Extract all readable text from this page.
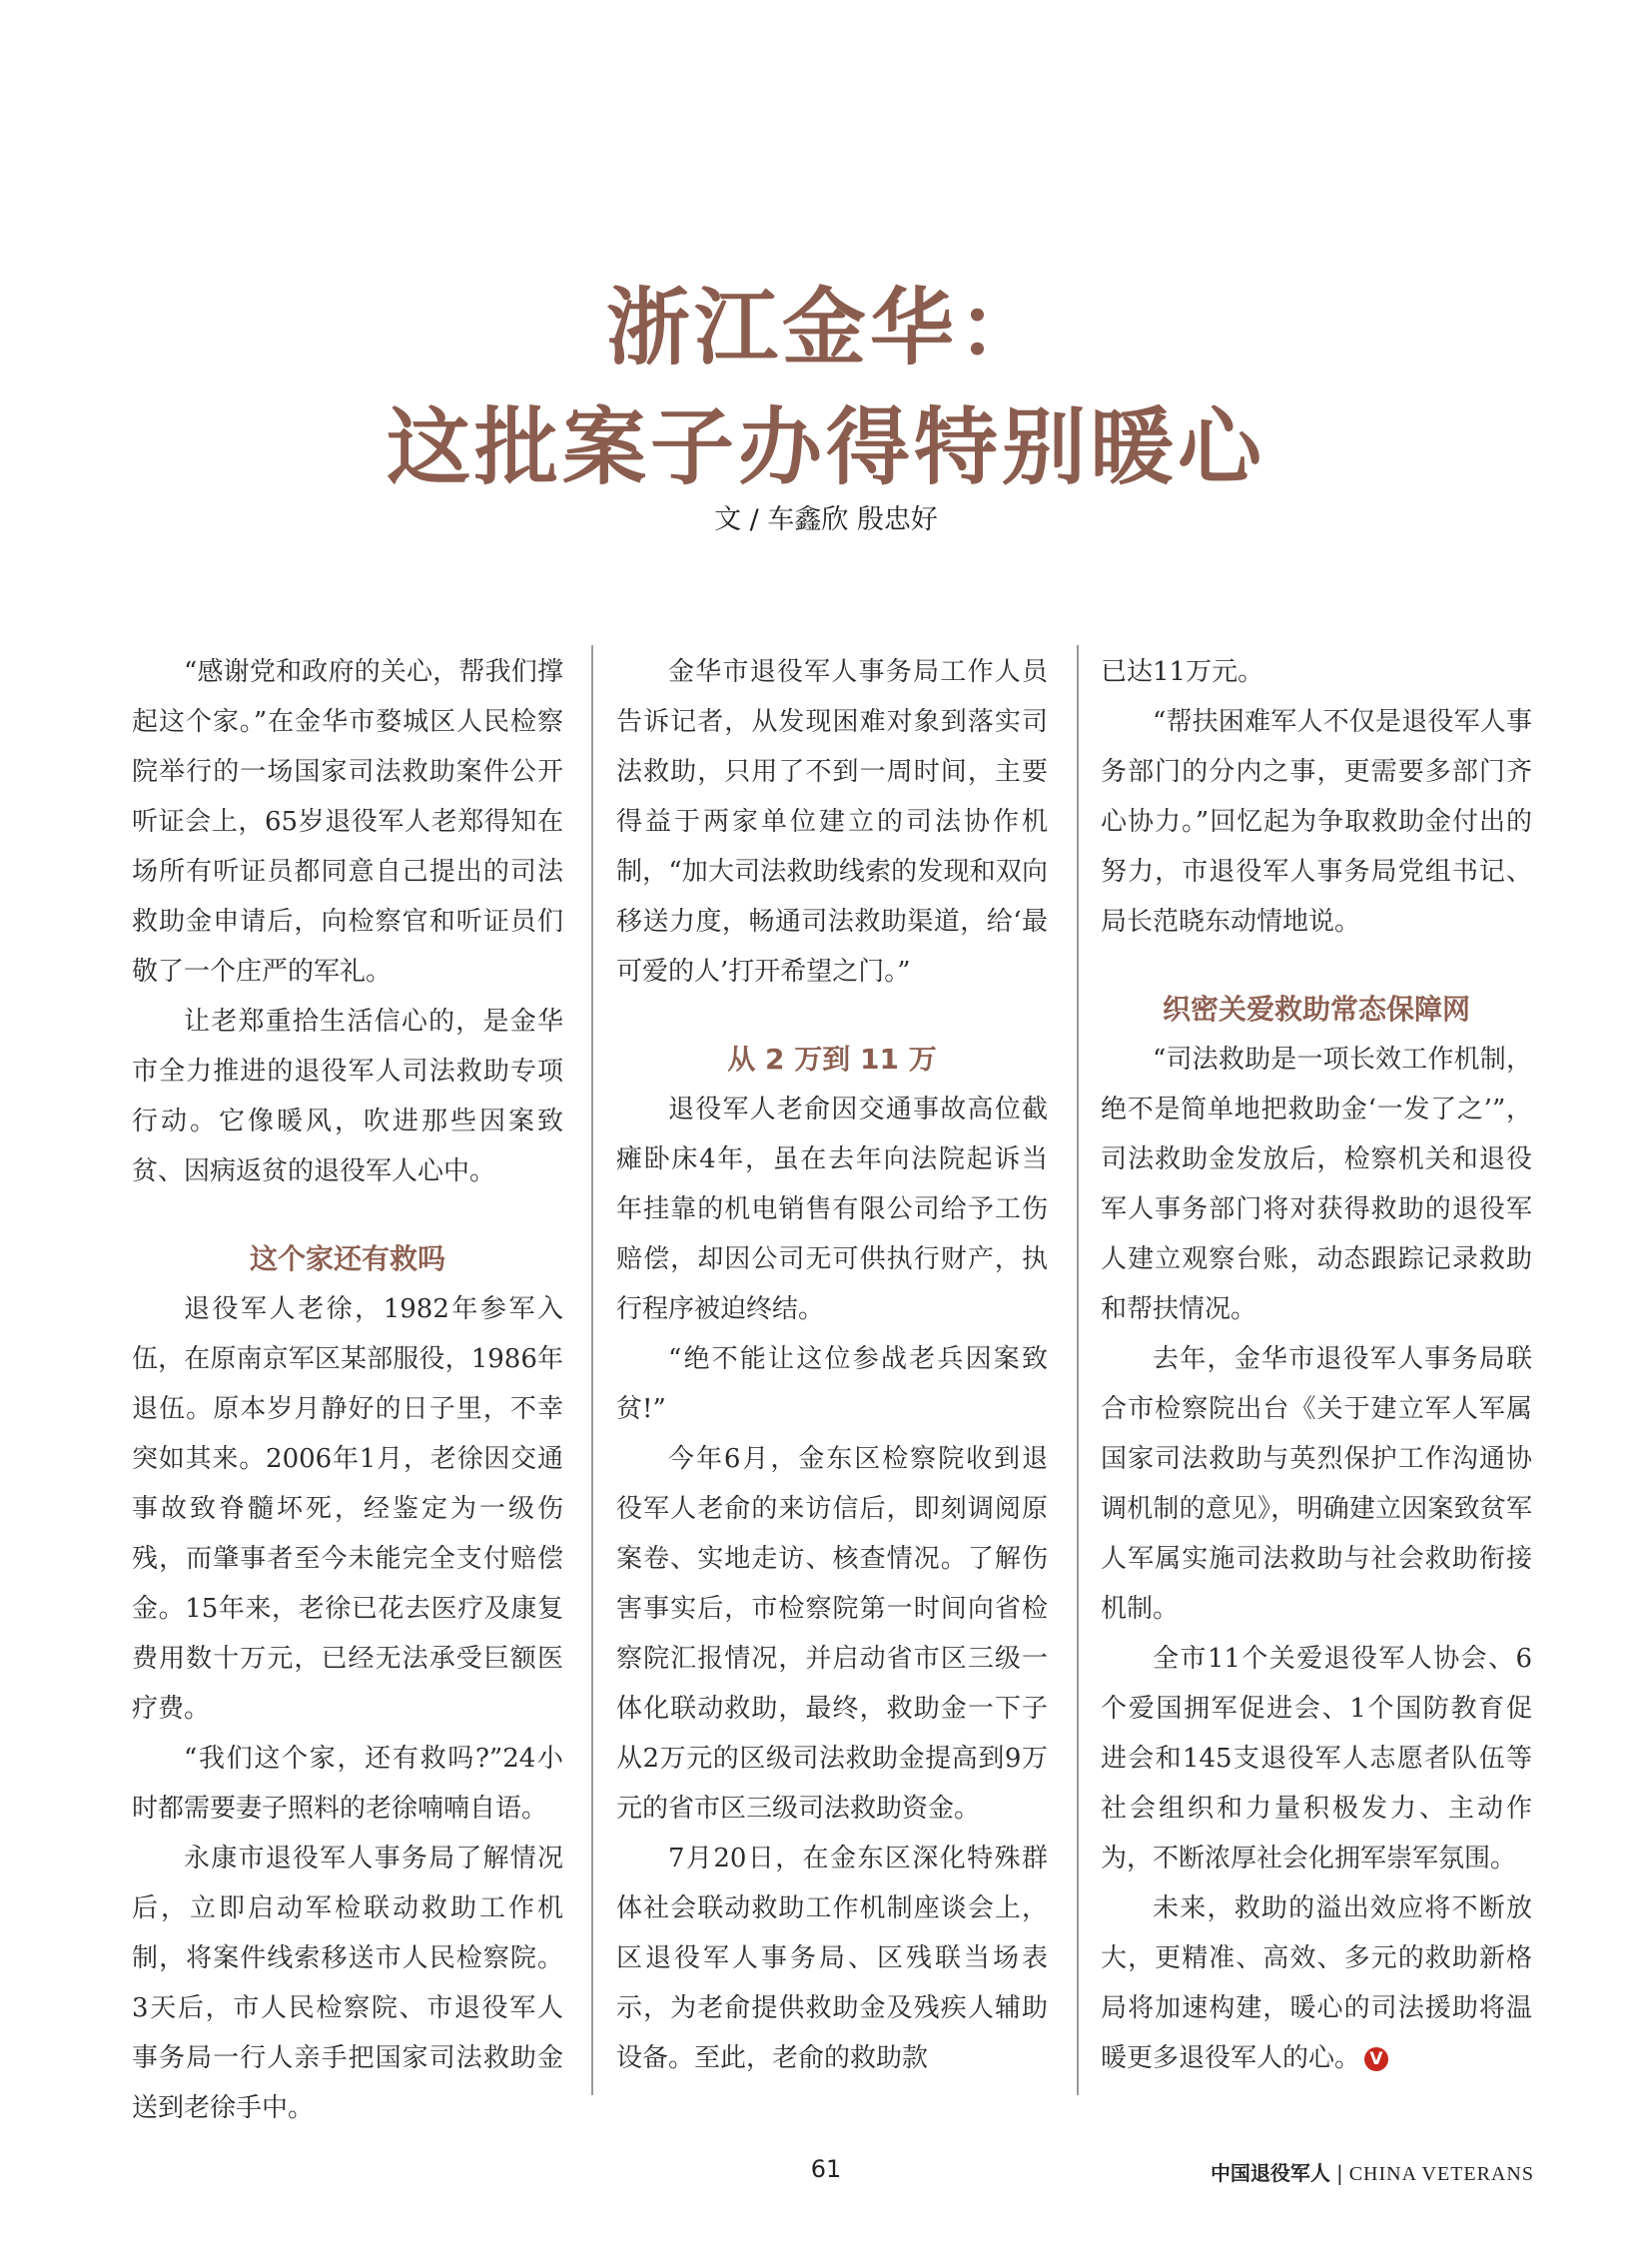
浙江金华：
这批案子办得特别暖心
文 / 车鑫欣 殷忠好

“感谢党和政府的关心，帮我们撑起这个家。”在金华市婺城区人民检察院举行的一场国家司法救助案件公开听证会上，65岁退役军人老郑得知在场所有听证员都同意自己提出的司法救助金申请后，向检察官和听证员们敬了一个庄严的军礼。

让老郑重拾生活信心的，是金华市全力推进的退役军人司法救助专项行动。它像暖风，吹进那些因案致贫、因病返贫的退役军人心中。

这个家还有救吗

退役军人老徐，1982年参军入伍，在原南京军区某部服役，1986年退伍。原本岁月静好的日子里，不幸突如其来。2006年1月，老徐因交通事故致脊髓坏死，经鉴定为一级伤残，而肇事者至今未能完全支付赔偿金。15年来，老徐已花去医疗及康复费用数十万元，已经无法承受巨额医疗费。

“我们这个家，还有救吗?”24小时都需要妻子照料的老徐喃喃自语。

永康市退役军人事务局了解情况后，立即启动军检联动救助工作机制，将案件线索移送市人民检察院。3天后，市人民检察院、市退役军人事务局一行人亲手把国家司法救助金送到老徐手中。

金华市退役军人事务局工作人员告诉记者，从发现困难对象到落实司法救助，只用了不到一周时间，主要得益于两家单位建立的司法协作机制，“加大司法救助线索的发现和双向移送力度，畅通司法救助渠道，给‘最可爱的人’打开希望之门。”

从 2 万到 11 万

退役军人老俞因交通事故高位截瘫卧床4年，虽在去年向法院起诉当年挂靠的机电销售有限公司给予工伤赔偿，却因公司无可供执行财产，执行程序被迫终结。

“绝不能让这位参战老兵因案致贫!”

今年6月，金东区检察院收到退役军人老俞的来访信后，即刻调阅原案卷、实地走访、核查情况。了解伤害事实后，市检察院第一时间向省检察院汇报情况，并启动省市区三级一体化联动救助，最终，救助金一下子从2万元的区级司法救助金提高到9万元的省市区三级司法救助资金。

7月20日，在金东区深化特殊群体社会联动救助工作机制座谈会上，区退役军人事务局、区残联当场表示，为老俞提供救助金及残疾人辅助设备。至此，老俞的救助款

已达11万元。

“帮扶困难军人不仅是退役军人事务部门的分内之事，更需要多部门齐心协力。”回忆起为争取救助金付出的努力，市退役军人事务局党组书记、局长范晓东动情地说。

织密关爱救助常态保障网

“司法救助是一项长效工作机制，绝不是简单地把救助金‘一发了之’”，司法救助金发放后，检察机关和退役军人事务部门将对获得救助的退役军人建立观察台账，动态跟踪记录救助和帮扶情况。

去年，金华市退役军人事务局联合市检察院出台《关于建立军人军属国家司法救助与英烈保护工作沟通协调机制的意见》，明确建立因案致贫军人军属实施司法救助与社会救助衔接机制。

全市11个关爱退役军人协会、6个爱国拥军促进会、1个国防教育促进会和145支退役军人志愿者队伍等社会组织和力量积极发力、主动作为，不断浓厚社会化拥军崇军氛围。

未来，救助的溢出效应将不断放大，更精准、高效、多元的救助新格局将加速构建，暖心的司法援助将温暖更多退役军人的心。 V

61	中国退役军人 | CHINA VETERANS
